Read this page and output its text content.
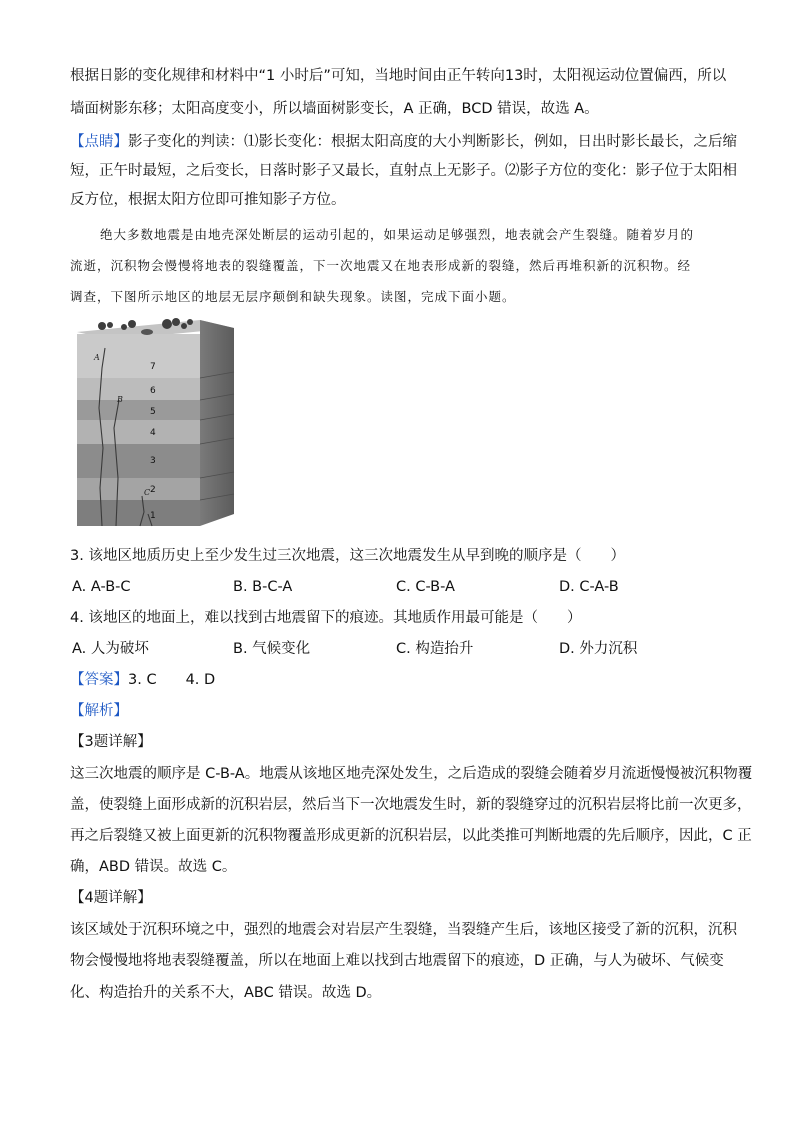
根据日影的变化规律和材料中“1 小时后”可知，当地时间由正午转向13时，太阳视运动位置偏西，所以
墙面树影东移；太阳高度变小，所以墙面树影变长，A 正确，BCD 错误，故选 A。
【点睛】影子变化的判读：⑴影长变化：根据太阳高度的大小判断影长，例如，日出时影长最长，之后缩
短，正午时最短，之后变长，日落时影子又最长，直射点上无影子。⑵影子方位的变化：影子位于太阳相
反方位，根据太阳方位即可推知影子方位。
绝大多数地震是由地壳深处断层的运动引起的，如果运动足够强烈，地表就会产生裂缝。随着岁月的
流逝，沉积物会慢慢将地表的裂缝覆盖，下一次地震又在地表形成新的裂缝，然后再堆积新的沉积物。经
调查，下图所示地区的地层无层序颠倒和缺失现象。读图，完成下面小题。
A
B
C
7
6
5
4
3
2
1
3. 该地区地质历史上至少发生过三次地震，这三次地震发生从早到晚的顺序是（　　）
A. A-B-C	B. B-C-A	C. C-B-A	D. C-A-B
4. 该地区的地面上，难以找到古地震留下的痕迹。其地质作用最可能是（　　）
A. 人为破坏	B. 气候变化	C. 构造抬升	D. 外力沉积
【答案】3. C　　4. D
【解析】
【3题详解】
这三次地震的顺序是 C-B-A。地震从该地区地壳深处发生，之后造成的裂缝会随着岁月流逝慢慢被沉积物覆
盖，使裂缝上面形成新的沉积岩层，然后当下一次地震发生时，新的裂缝穿过的沉积岩层将比前一次更多，
再之后裂缝又被上面更新的沉积物覆盖形成更新的沉积岩层，以此类推可判断地震的先后顺序，因此，C 正
确，ABD 错误。故选 C。
【4题详解】
该区域处于沉积环境之中，强烈的地震会对岩层产生裂缝，当裂缝产生后，该地区接受了新的沉积，沉积
物会慢慢地将地表裂缝覆盖，所以在地面上难以找到古地震留下的痕迹，D 正确，与人为破坏、气候变
化、构造抬升的关系不大，ABC 错误。故选 D。
